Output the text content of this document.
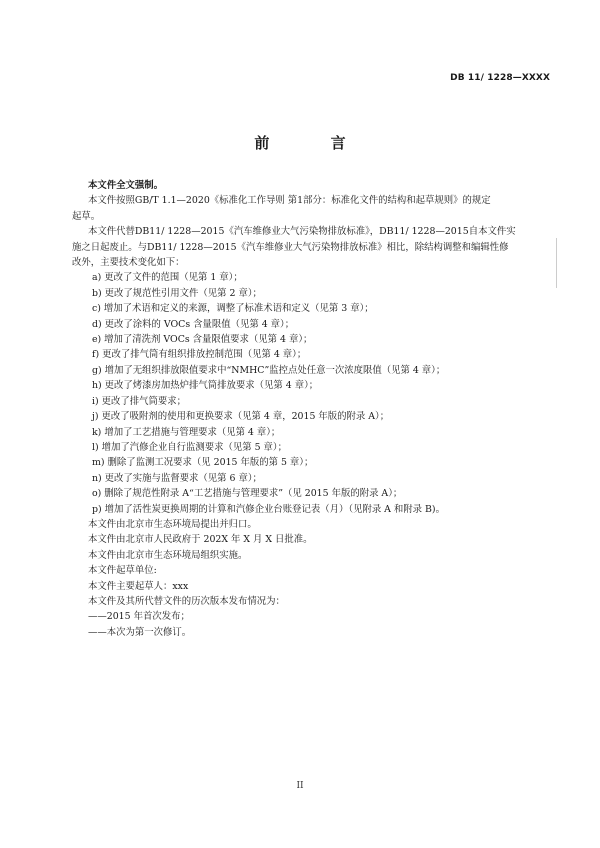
DB 11/ 1228—XXXX
前 言
本文件全文强制。
本文件按照GB/T 1.1—2020《标准化工作导则 第1部分：标准化文件的结构和起草规则》的规定
起草。
本文件代替DB11/ 1228—2015《汽车维修业大气污染物排放标准》，DB11/ 1228—2015自本文件实
施之日起废止。与DB11/ 1228—2015《汽车维修业大气污染物排放标准》相比，除结构调整和编辑性修
改外，主要技术变化如下：
a) 更改了文件的范围（见第 1 章）；
b) 更改了规范性引用文件（见第 2 章）；
c) 增加了术语和定义的来源，调整了标准术语和定义（见第 3 章）；
d) 更改了涂料的 VOCs 含量限值（见第 4 章）；
e) 增加了清洗剂 VOCs 含量限值要求（见第 4 章）；
f) 更改了排气筒有组织排放控制范围（见第 4 章）；
g) 增加了无组织排放限值要求中“NMHC”监控点处任意一次浓度限值（见第 4 章）；
h) 更改了烤漆房加热炉排气筒排放要求（见第 4 章）；
i) 更改了排气筒要求；
j) 更改了吸附剂的使用和更换要求（见第 4 章，2015 年版的附录 A）；
k) 增加了工艺措施与管理要求（见第 4 章）；
l) 增加了汽修企业自行监测要求（见第 5 章）；
m) 删除了监测工况要求（见 2015 年版的第 5 章）；
n) 更改了实施与监督要求（见第 6 章）；
o) 删除了规范性附录 A“工艺措施与管理要求”（见 2015 年版的附录 A）；
p) 增加了活性炭更换周期的计算和汽修企业台账登记表（月）（见附录 A 和附录 B)。
本文件由北京市生态环境局提出并归口。
本文件由北京市人民政府于 202X 年 X 月 X 日批准。
本文件由北京市生态环境局组织实施。
本文件起草单位:
本文件主要起草人：xxx
本文件及其所代替文件的历次版本发布情况为：
——2015 年首次发布；
——本次为第一次修订。
II
